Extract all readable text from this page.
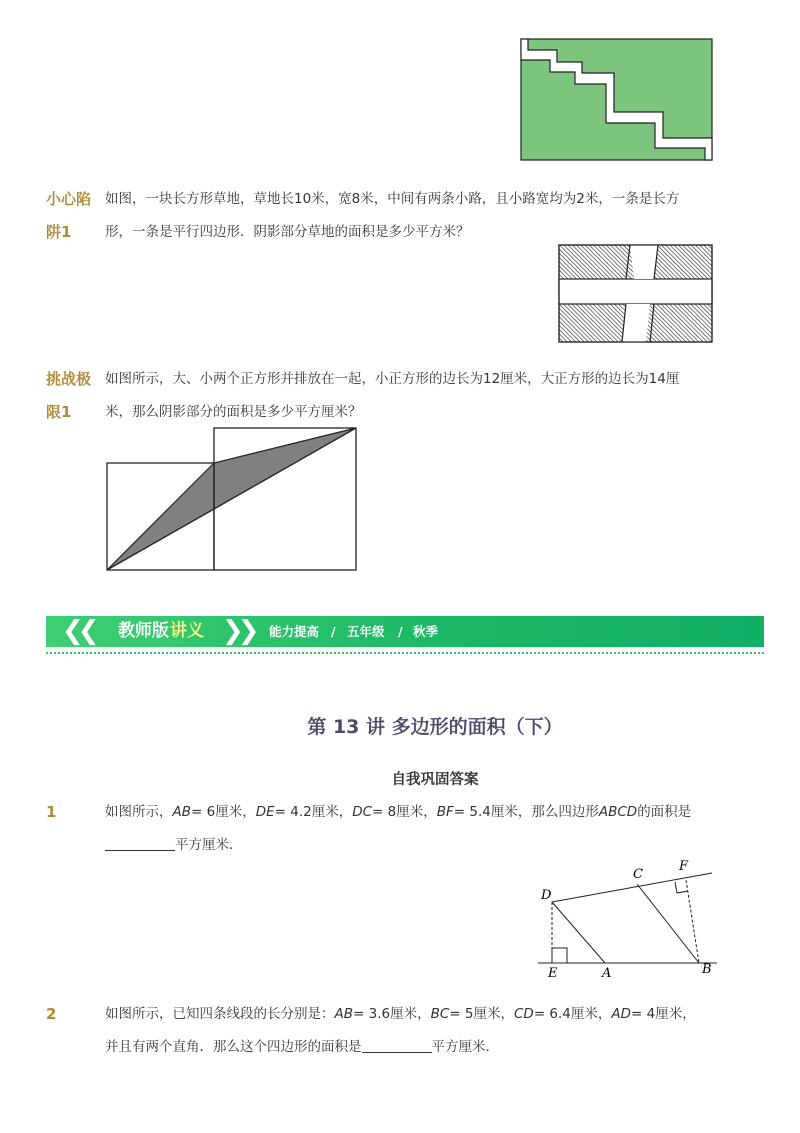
小心陷阱1
如图，一块长方形草地，草地长10米，宽8米，中间有两条小路，且小路宽均为2米，一条是长方
形，一条是平行四边形．阴影部分草地的面积是多少平方米？
挑战极限1
如图所示，大、小两个正方形并排放在一起，小正方形的边长为12厘米，大正方形的边长为14厘
米，那么阴影部分的面积是多少平方厘米？
❮❮ 教师版 讲义 ❯❯ 能力提高 / 五年级 / 秋季
第 13 讲 多边形的面积（下）
自我巩固答案
1	如图所示，AB= 6厘米，DE= 4.2厘米，DC= 8厘米，BF= 5.4厘米，那么四边形ABCD的面积是
平方厘米．
D
C
F
E	A	B
2	如图所示，已知四条线段的长分别是：AB= 3.6厘米，BC= 5厘米，CD= 6.4厘米，AD= 4厘米，
并且有两个直角．那么这个四边形的面积是	平方厘米．
